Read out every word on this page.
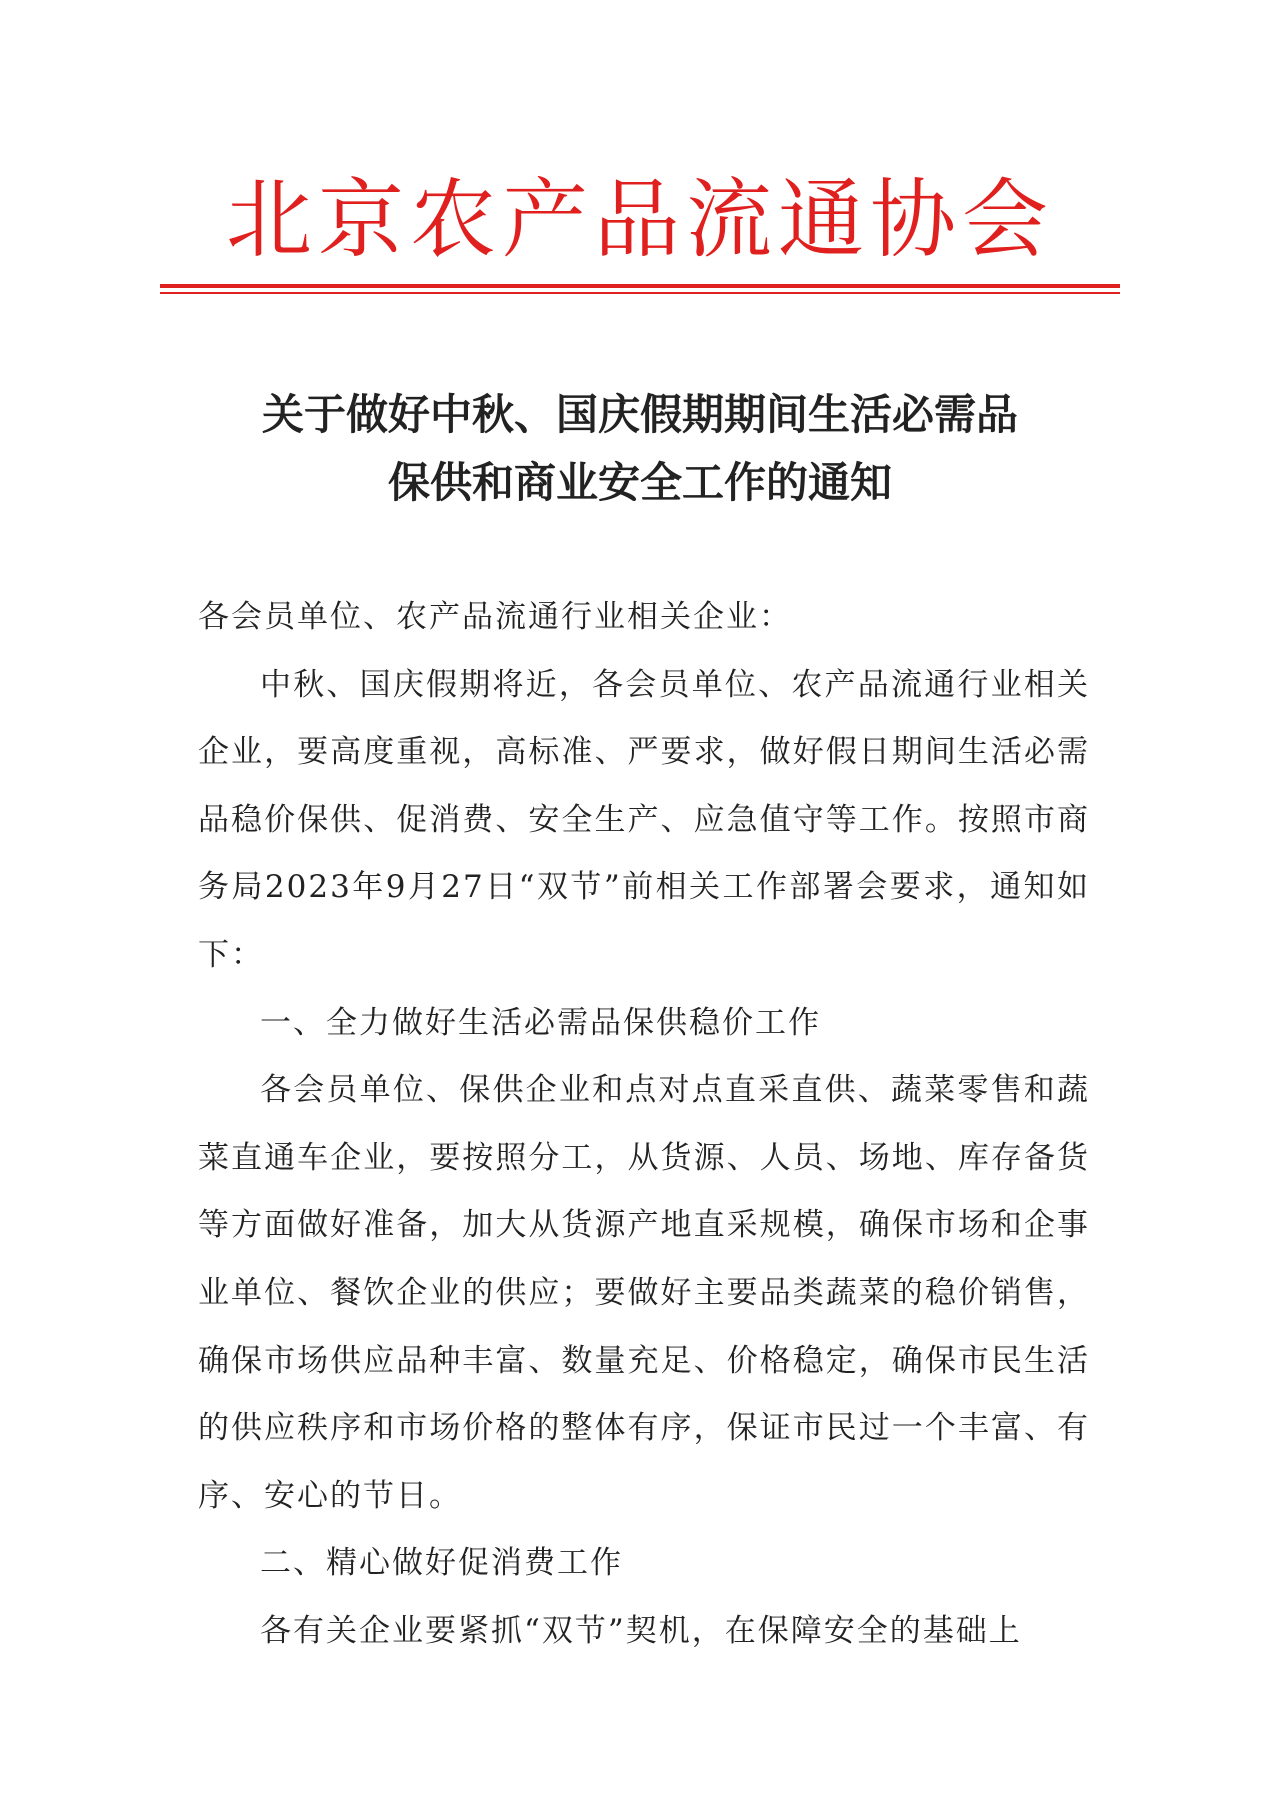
北京农产品流通协会
关于做好中秋、国庆假期期间生活必需品
保供和商业安全工作的通知

各会员单位、农产品流通行业相关企业：

中秋、国庆假期将近，各会员单位、农产品流通行业相关企业，要高度重视，高标准、严要求，做好假日期间生活必需品稳价保供、促消费、安全生产、应急值守等工作。按照市商务局2023年9月27日“双节”前相关工作部署会要求，通知如下：

一、全力做好生活必需品保供稳价工作

各会员单位、保供企业和点对点直采直供、蔬菜零售和蔬菜直通车企业，要按照分工，从货源、人员、场地、库存备货等方面做好准备，加大从货源产地直采规模，确保市场和企事业单位、餐饮企业的供应；要做好主要品类蔬菜的稳价销售，确保市场供应品种丰富、数量充足、价格稳定，确保市民生活的供应秩序和市场价格的整体有序，保证市民过一个丰富、有序、安心的节日。

二、精心做好促消费工作

各有关企业要紧抓“双节”契机，在保障安全的基础上
